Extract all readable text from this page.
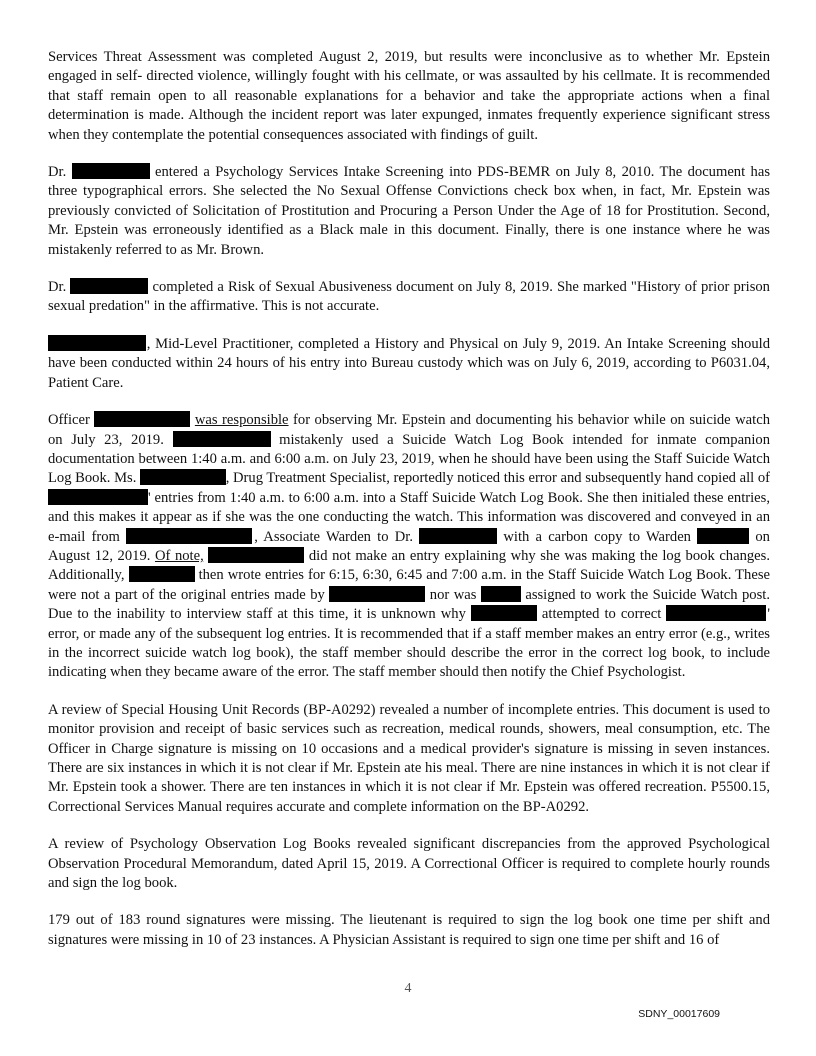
Services Threat Assessment was completed August 2, 2019, but results were inconclusive as to whether Mr. Epstein engaged in self- directed violence, willingly fought with his cellmate, or was assaulted by his cellmate. It is recommended that staff remain open to all reasonable explanations for a behavior and take the appropriate actions when a final determination is made. Although the incident report was later expunged, inmates frequently experience significant stress when they contemplate the potential consequences associated with findings of guilt.

Dr.	entered a Psychology Services Intake Screening into PDS-BEMR on July 8, 2010. The document has three typographical errors. She selected the No Sexual Offense Convictions check box when, in fact, Mr. Epstein was previously convicted of Solicitation of Prostitution and Procuring a Person Under the Age of 18 for Prostitution. Second, Mr. Epstein was erroneously identified as a Black male in this document. Finally, there is one instance where he was mistakenly referred to as Mr. Brown.

Dr.	completed a Risk of Sexual Abusiveness document on July 8, 2019. She marked "History of prior prison sexual predation" in the affirmative. This is not accurate.

, Mid-Level Practitioner, completed a History and Physical on July 9, 2019. An Intake Screening should have been conducted within 24 hours of his entry into Bureau custody which was on July 6, 2019, according to P6031.04, Patient Care.

Officer	was responsible for observing Mr. Epstein and documenting his behavior while on suicide watch on July 23, 2019.	mistakenly used a Suicide Watch Log Book intended for inmate companion documentation between 1:40 a.m. and 6:00 a.m. on July 23, 2019, when he should have been using the Staff Suicide Watch Log Book. Ms.	, Drug Treatment Specialist, reportedly noticed this error and subsequently hand copied all of  ' entries from 1:40 a.m. to 6:00 a.m. into a Staff Suicide Watch Log Book. She then initialed these entries, and this makes it appear as if she was the one conducting the watch. This information was discovered and conveyed in an e-mail from	, Associate Warden to Dr.	with a carbon copy to Warden	on August 12, 2019. Of note,	did not make an entry explaining why she was making the log book changes. Additionally,	then wrote entries for 6:15, 6:30, 6:45 and 7:00 a.m. in the Staff Suicide Watch Log Book. These were not a part of the original entries made by	nor was	assigned to work the Suicide Watch post. Due to the inability to interview staff at this time, it is unknown why	attempted to correct	' error, or made any of the subsequent log entries. It is recommended that if a staff member makes an entry error (e.g., writes in the incorrect suicide watch log book), the staff member should describe the error in the correct log book, to include indicating when they became aware of the error. The staff member should then notify the Chief Psychologist.

A review of Special Housing Unit Records (BP-A0292) revealed a number of incomplete entries. This document is used to monitor provision and receipt of basic services such as recreation, medical rounds, showers, meal consumption, etc. The Officer in Charge signature is missing on 10 occasions and a medical provider's signature is missing in seven instances. There are six instances in which it is not clear if Mr. Epstein ate his meal. There are nine instances in which it is not clear if Mr. Epstein took a shower. There are ten instances in which it is not clear if Mr. Epstein was offered recreation. P5500.15, Correctional Services Manual requires accurate and complete information on the BP-A0292.

A review of Psychology Observation Log Books revealed significant discrepancies from the approved Psychological Observation Procedural Memorandum, dated April 15, 2019. A Correctional Officer is required to complete hourly rounds and sign the log book.

179 out of 183 round signatures were missing. The lieutenant is required to sign the log book one time per shift and signatures were missing in 10 of 23 instances. A Physician Assistant is required to sign one time per shift and 16 of

4
SDNY_00017609
